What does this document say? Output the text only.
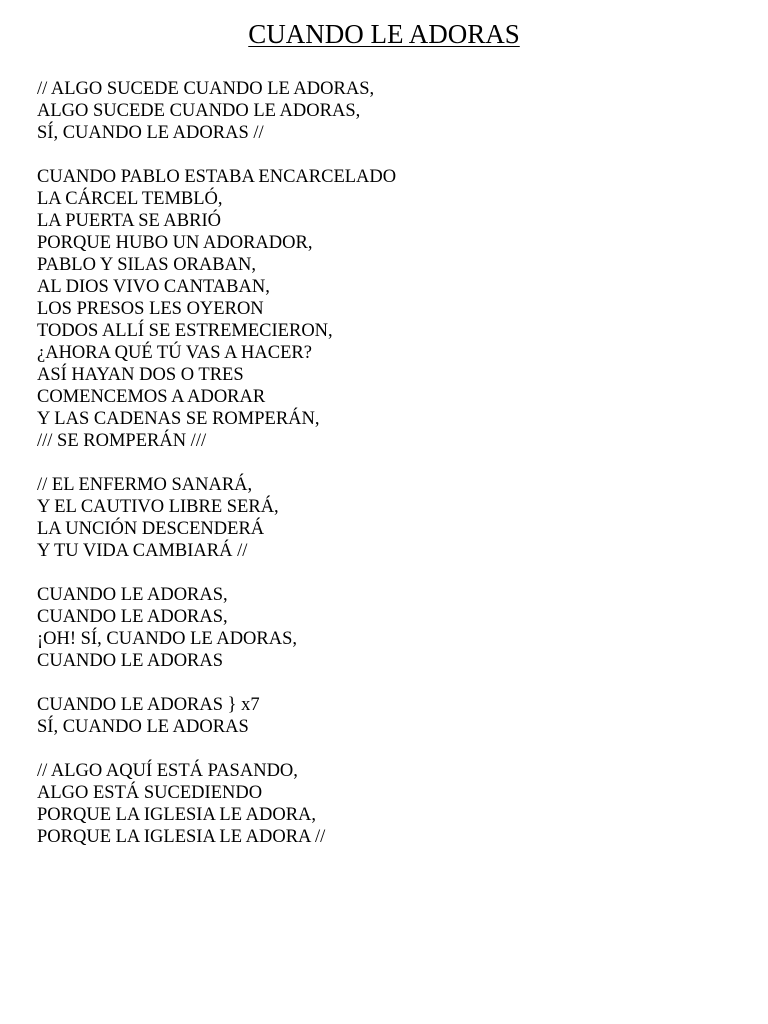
CUANDO LE ADORAS
// ALGO SUCEDE CUANDO LE ADORAS,
ALGO SUCEDE CUANDO LE ADORAS,
SÍ, CUANDO LE ADORAS //
CUANDO PABLO ESTABA ENCARCELADO
LA CÁRCEL TEMBLÓ,
LA PUERTA SE ABRIÓ
PORQUE HUBO UN ADORADOR,
PABLO Y SILAS ORABAN,
AL DIOS VIVO CANTABAN,
LOS PRESOS LES OYERON
TODOS ALLÍ SE ESTREMECIERON,
¿AHORA QUÉ TÚ VAS A HACER?
ASÍ HAYAN DOS O TRES
COMENCEMOS A ADORAR
Y LAS CADENAS SE ROMPERÁN,
/// SE ROMPERÁN ///
// EL ENFERMO SANARÁ,
Y EL CAUTIVO LIBRE SERÁ,
LA UNCIÓN DESCENDERÁ
Y TU VIDA CAMBIARÁ //
CUANDO LE ADORAS,
CUANDO LE ADORAS,
¡OH! SÍ, CUANDO LE ADORAS,
CUANDO LE ADORAS
CUANDO LE ADORAS } x7
SÍ, CUANDO LE ADORAS
// ALGO AQUÍ ESTÁ PASANDO,
ALGO ESTÁ SUCEDIENDO
PORQUE LA IGLESIA LE ADORA,
PORQUE LA IGLESIA LE ADORA //
